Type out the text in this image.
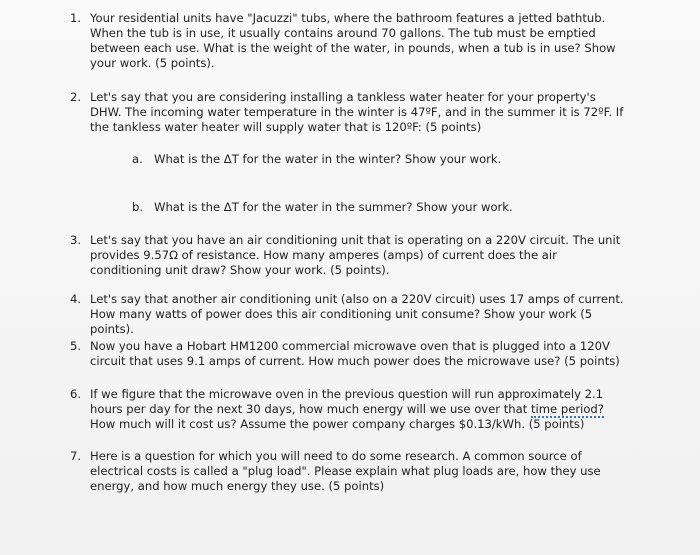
1. Your residential units have "Jacuzzi" tubs, where the bathroom features a jetted bathtub. When the tub is in use, it usually contains around 70 gallons. The tub must be emptied between each use. What is the weight of the water, in pounds, when a tub is in use? Show your work. (5 points).
2. Let's say that you are considering installing a tankless water heater for your property's DHW. The incoming water temperature in the winter is 47ºF, and in the summer it is 72ºF. If the tankless water heater will supply water that is 120ºF: (5 points)
a. What is the ΔT for the water in the winter? Show your work.
b. What is the ΔT for the water in the summer? Show your work.
3. Let's say that you have an air conditioning unit that is operating on a 220V circuit. The unit provides 9.57Ω of resistance. How many amperes (amps) of current does the air conditioning unit draw? Show your work. (5 points).
4. Let's say that another air conditioning unit (also on a 220V circuit) uses 17 amps of current. How many watts of power does this air conditioning unit consume? Show your work (5 points).
5. Now you have a Hobart HM1200 commercial microwave oven that is plugged into a 120V circuit that uses 9.1 amps of current. How much power does the microwave use? (5 points)
6. If we figure that the microwave oven in the previous question will run approximately 2.1 hours per day for the next 30 days, how much energy will we use over that time period? How much will it cost us? Assume the power company charges $0.13/kWh. (5 points)
7. Here is a question for which you will need to do some research. A common source of electrical costs is called a "plug load". Please explain what plug loads are, how they use energy, and how much energy they use. (5 points)
